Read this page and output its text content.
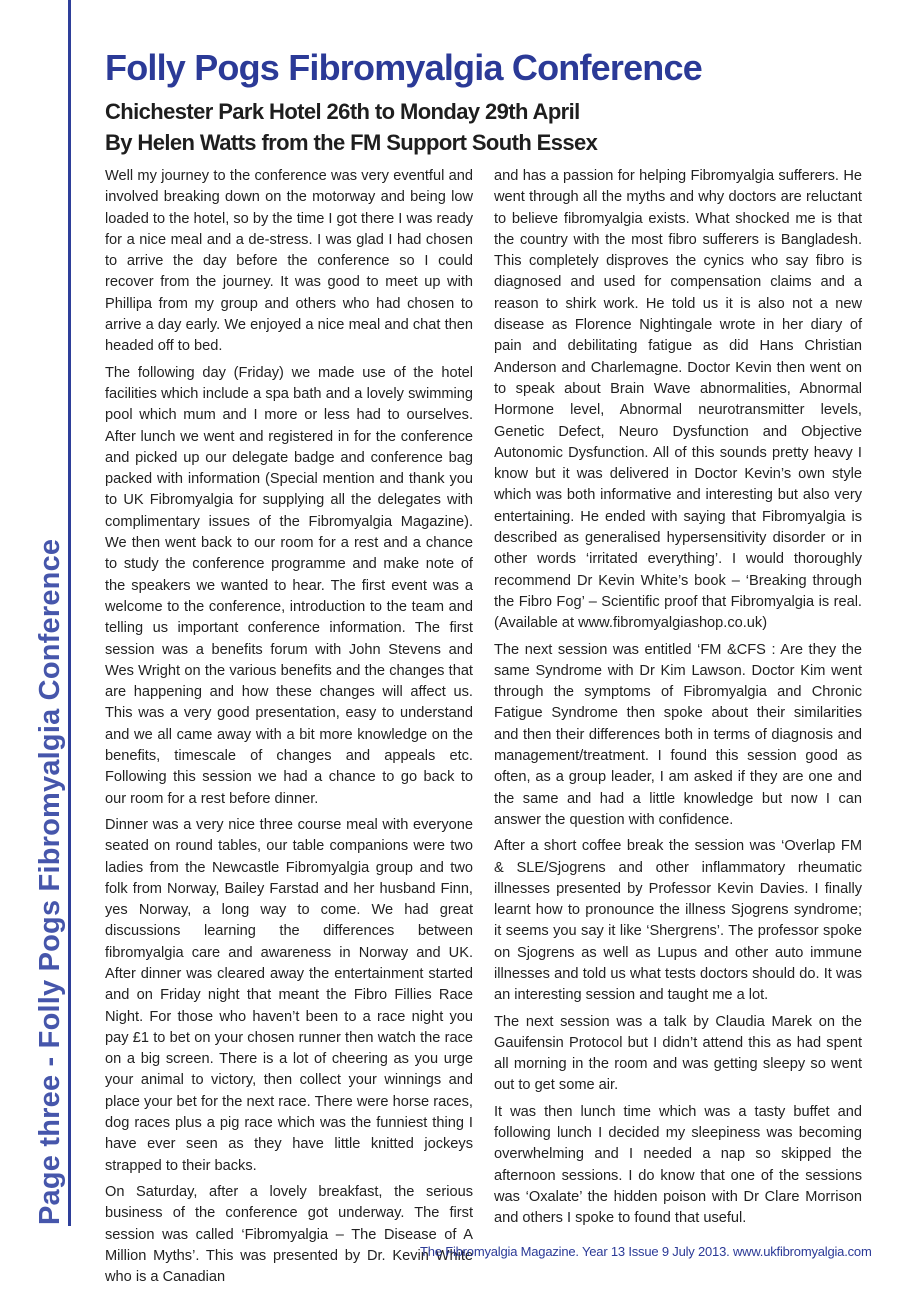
Page three - Folly Pogs Fibromyalgia Conference
Folly Pogs Fibromyalgia Conference
Chichester Park Hotel 26th to Monday 29th April
By Helen Watts from the FM Support South Essex

Well my journey to the conference was very eventful and involved breaking down on the motorway and being low loaded to the hotel, so by the time I got there I was ready for a nice meal and a de-stress. I was glad I had chosen to arrive the day before the conference so I could recover from the journey. It was good to meet up with Phillipa from my group and others who had chosen to arrive a day early. We enjoyed a nice meal and chat then headed off to bed.

The following day (Friday) we made use of the hotel facilities which include a spa bath and a lovely swimming pool which mum and I more or less had to ourselves. After lunch we went and registered in for the conference and picked up our delegate badge and conference bag packed with information (Special mention and thank you to UK Fibromyalgia for supplying all the delegates with complimentary issues of the Fibromyalgia Magazine). We then went back to our room for a rest and a chance to study the conference programme and make note of the speakers we wanted to hear. The first event was a welcome to the conference, introduction to the team and telling us important conference information. The first session was a benefits forum with John Stevens and Wes Wright on the various benefits and the changes that are happening and how these changes will affect us. This was a very good presentation, easy to understand and we all came away with a bit more knowledge on the benefits, timescale of changes and appeals etc. Following this session we had a chance to go back to our room for a rest before dinner.

Dinner was a very nice three course meal with everyone seated on round tables, our table companions were two ladies from the Newcastle Fibromyalgia group and two folk from Norway, Bailey Farstad and her husband Finn, yes Norway, a long way to come. We had great discussions learning the differences between fibromyalgia care and awareness in Norway and UK. After dinner was cleared away the entertainment started and on Friday night that meant the Fibro Fillies Race Night. For those who haven’t been to a race night you pay £1 to bet on your chosen runner then watch the race on a big screen. There is a lot of cheering as you urge your animal to victory, then collect your winnings and place your bet for the next race. There were horse races, dog races plus a pig race which was the funniest thing I have ever seen as they have little knitted jockeys strapped to their backs.

On Saturday, after a lovely breakfast, the serious business of the conference got underway. The first session was called ‘Fibromyalgia – The Disease of A Million Myths’. This was presented by Dr. Kevin White who is a Canadian

and has a passion for helping Fibromyalgia sufferers. He went through all the myths and why doctors are reluctant to believe fibromyalgia exists. What shocked me is that the country with the most fibro sufferers is Bangladesh. This completely disproves the cynics who say fibro is diagnosed and used for compensation claims and a reason to shirk work. He told us it is also not a new disease as Florence Nightingale wrote in her diary of pain and debilitating fatigue as did Hans Christian Anderson and Charlemagne. Doctor Kevin then went on to speak about Brain Wave abnormalities, Abnormal Hormone level, Abnormal neurotransmitter levels, Genetic Defect, Neuro Dysfunction and Objective Autonomic Dysfunction. All of this sounds pretty heavy I know but it was delivered in Doctor Kevin’s own style which was both informative and interesting but also very entertaining. He ended with saying that Fibromyalgia is described as generalised hypersensitivity disorder or in other words ‘irritated everything’. I would thoroughly recommend Dr Kevin White’s book – ‘Breaking through the Fibro Fog’ – Scientific proof that Fibromyalgia is real.(Available at www.fibromyalgiashop.co.uk)

The next session was entitled ‘FM &CFS : Are they the same Syndrome with Dr Kim Lawson. Doctor Kim went through the symptoms of Fibromyalgia and Chronic Fatigue Syndrome then spoke about their similarities and then their differences both in terms of diagnosis and management/treatment. I found this session good as often, as a group leader, I am asked if they are one and the same and had a little knowledge but now I can answer the question with confidence.

After a short coffee break the session was ‘Overlap FM & SLE/Sjogrens and other inflammatory rheumatic illnesses presented by Professor Kevin Davies. I finally learnt how to pronounce the illness Sjogrens syndrome; it seems you say it like ‘Shergrens’. The professor spoke on Sjogrens as well as Lupus and other auto immune illnesses and told us what tests doctors should do. It was an interesting session and taught me a lot.

The next session was a talk by Claudia Marek on the Gauifensin Protocol but I didn’t attend this as had spent all morning in the room and was getting sleepy so went out to get some air.

It was then lunch time which was a tasty buffet and following lunch I decided my sleepiness was becoming overwhelming and I needed a nap so skipped the afternoon sessions. I do know that one of the sessions was ‘Oxalate’ the hidden poison with Dr Clare Morrison and others I spoke to found that useful.

The Fibromyalgia Magazine. Year 13 Issue 9 July 2013. www.ukfibromyalgia.com
